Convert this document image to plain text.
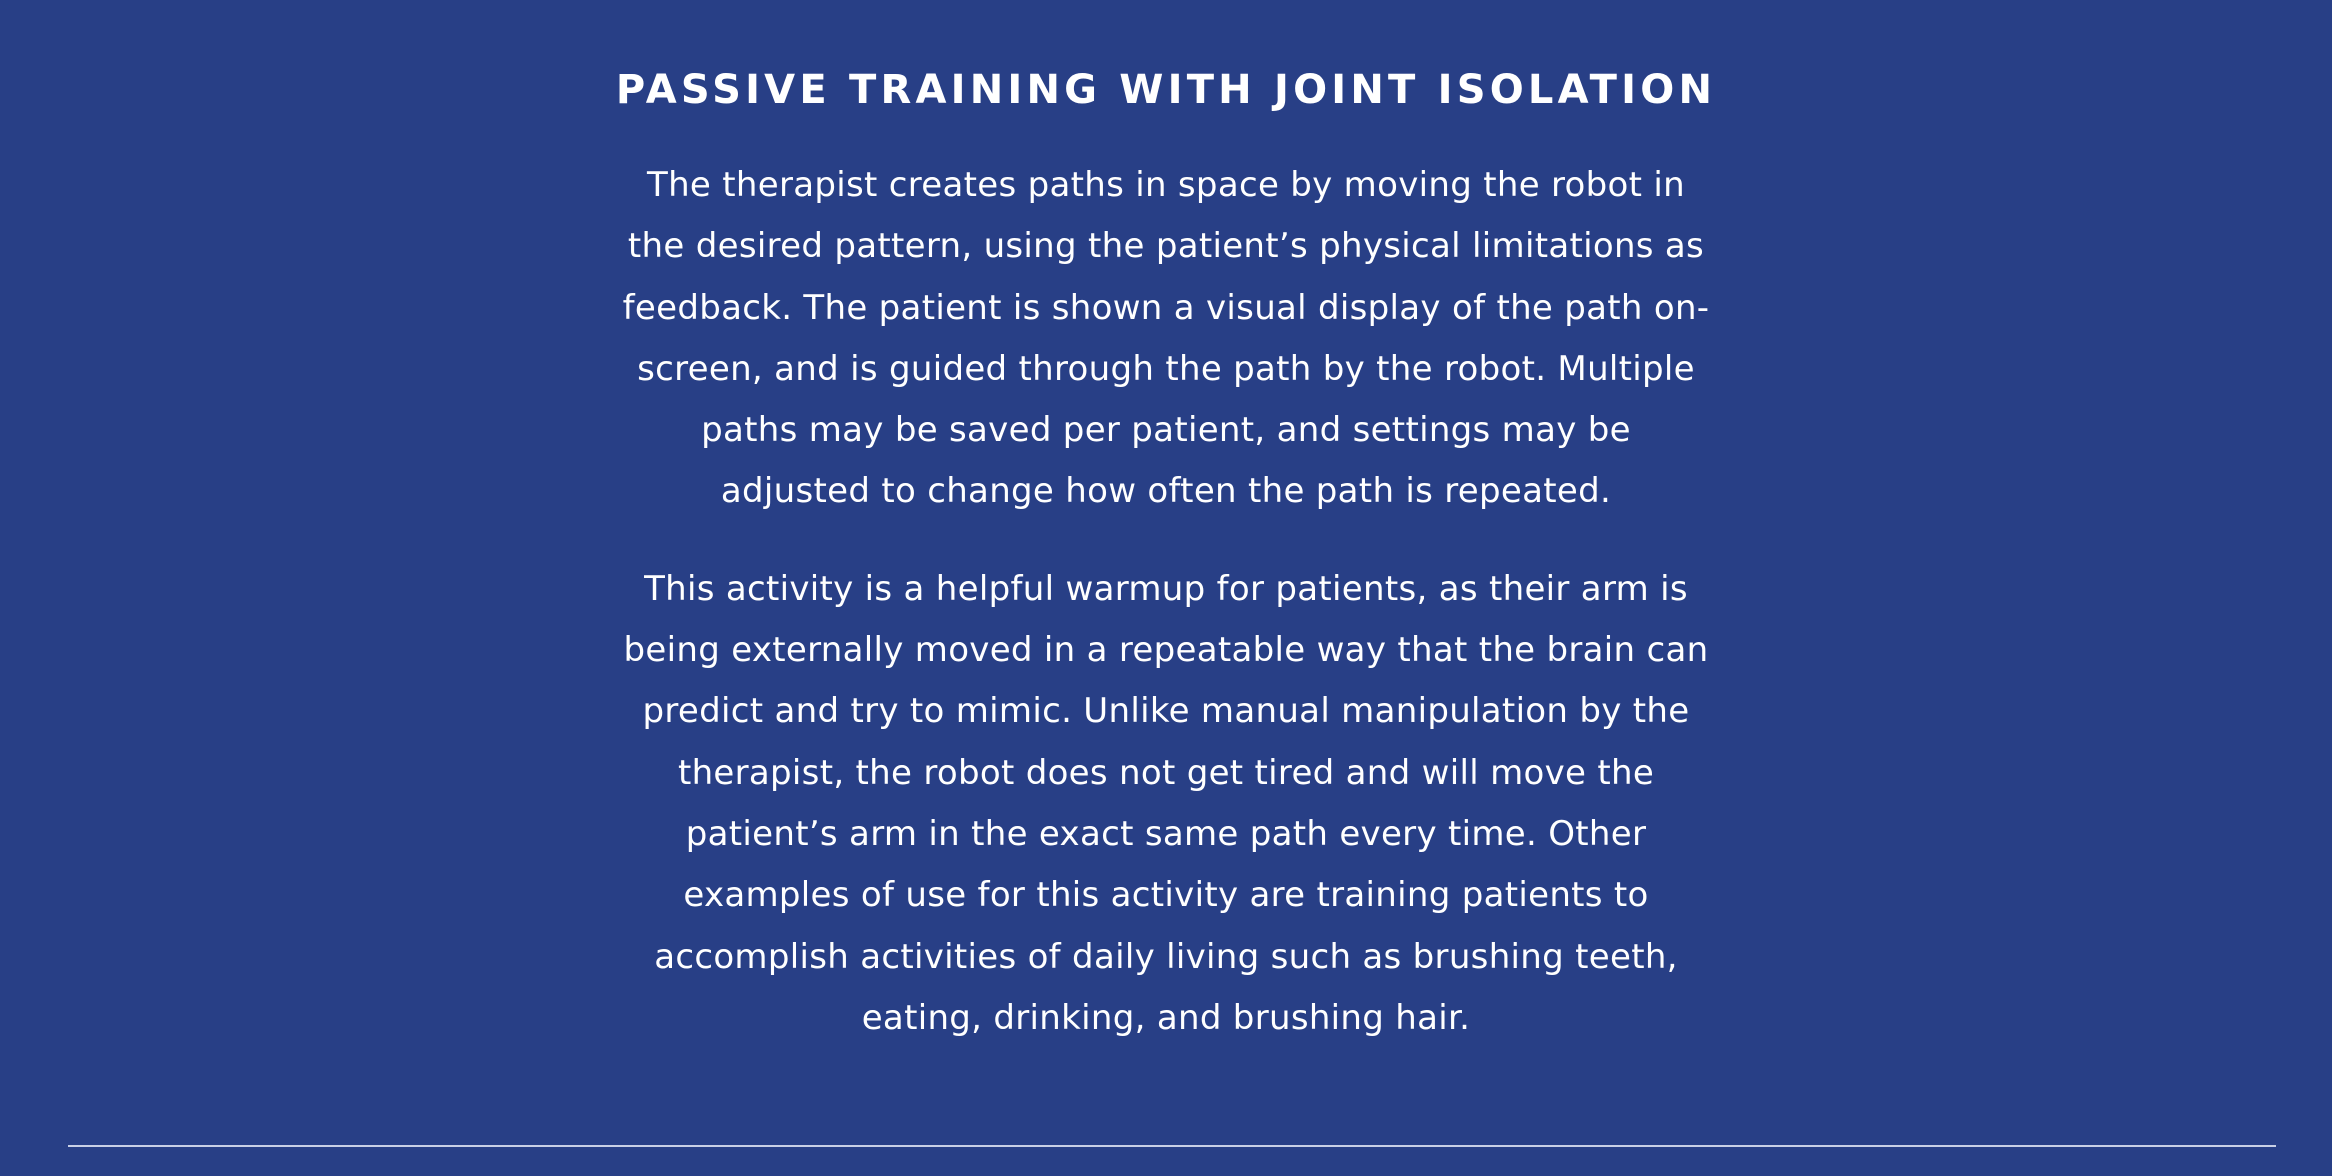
PASSIVE TRAINING WITH JOINT ISOLATION

The therapist creates paths in space by moving the robot in the desired pattern, using the patient’s physical limitations as feedback. The patient is shown a visual display of the path on-screen, and is guided through the path by the robot. Multiple paths may be saved per patient, and settings may be adjusted to change how often the path is repeated.

This activity is a helpful warmup for patients, as their arm is being externally moved in a repeatable way that the brain can predict and try to mimic. Unlike manual manipulation by the therapist, the robot does not get tired and will move the patient’s arm in the exact same path every time. Other examples of use for this activity are training patients to accomplish activities of daily living such as brushing teeth, eating, drinking, and brushing hair.
